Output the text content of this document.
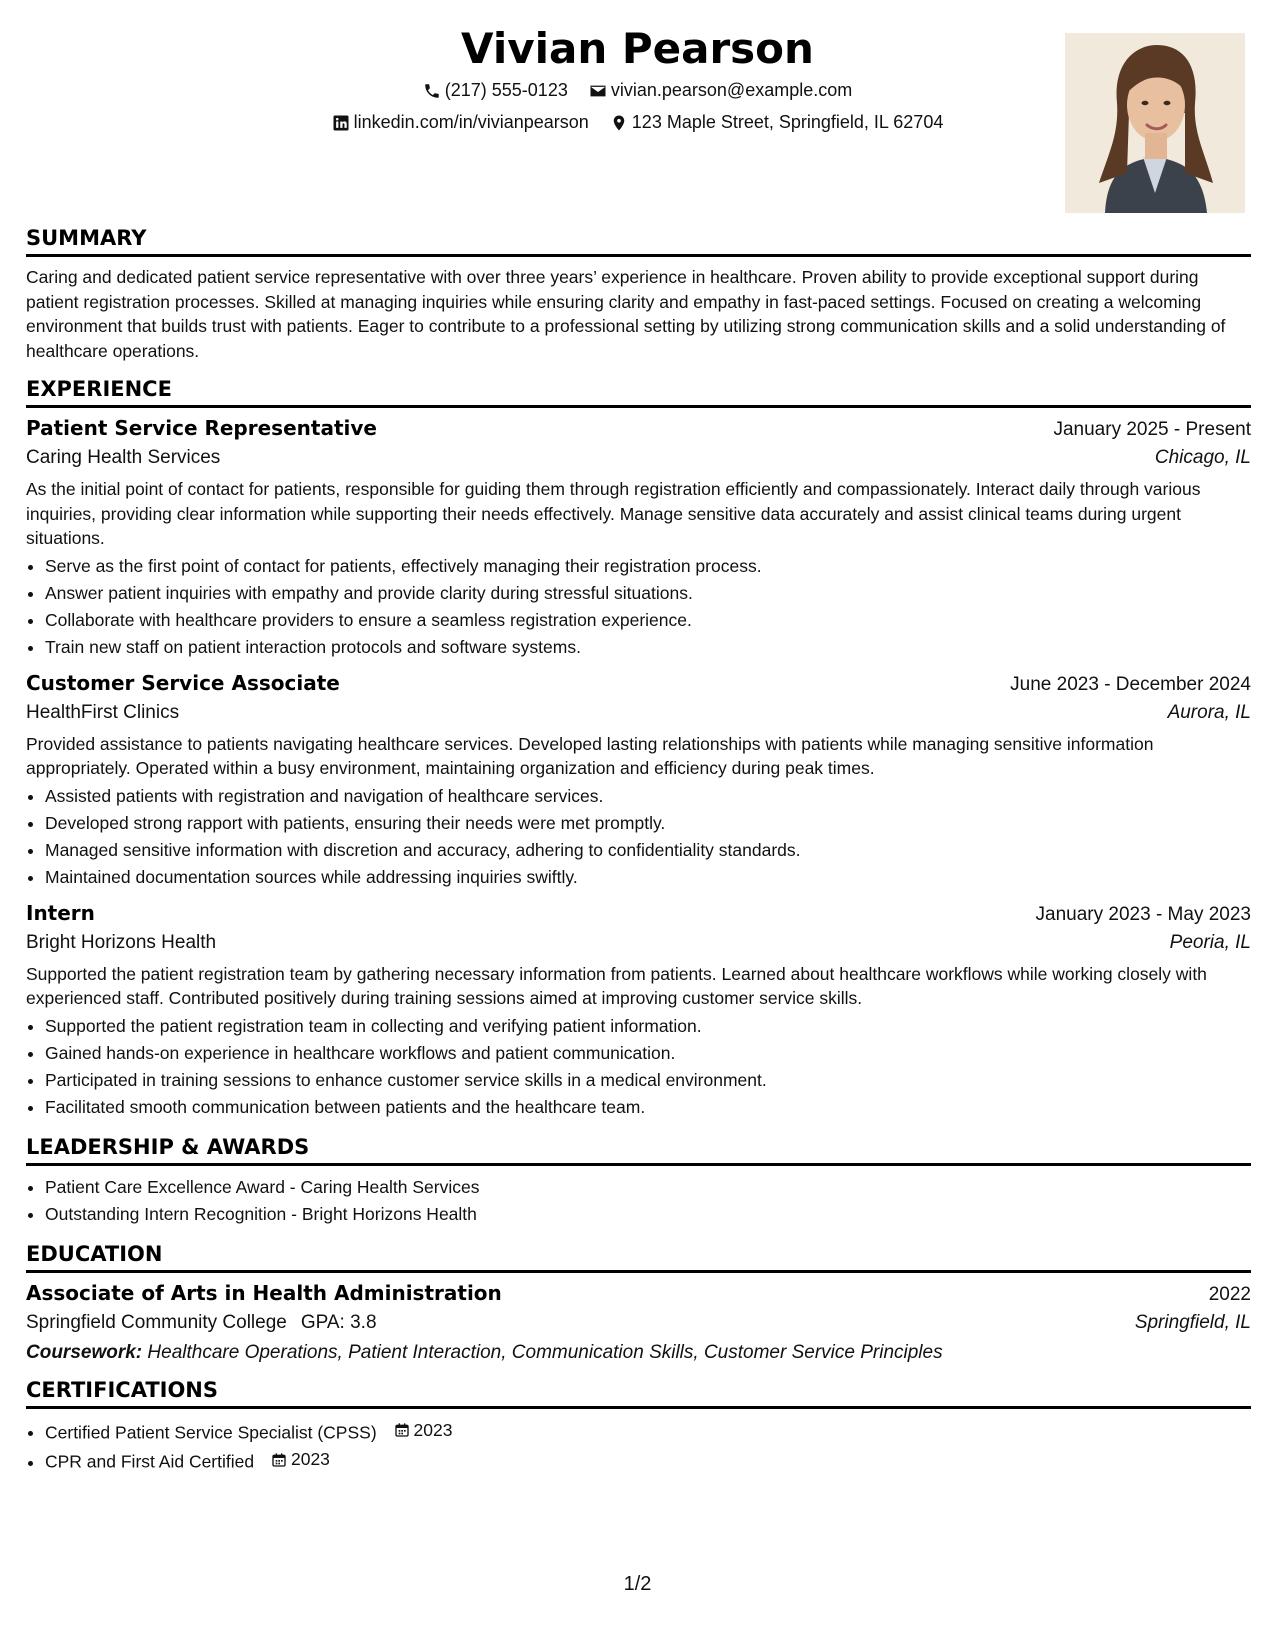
Vivian Pearson
(217) 555-0123
vivian.pearson@example.com
linkedin.com/in/vivianpearson
123 Maple Street, Springfield, IL 62704
SUMMARY
Caring and dedicated patient service representative with over three years’ experience in healthcare. Proven ability to provide exceptional support during patient registration processes. Skilled at managing inquiries while ensuring clarity and empathy in fast-paced settings. Focused on creating a welcoming environment that builds trust with patients. Eager to contribute to a professional setting by utilizing strong communication skills and a solid understanding of healthcare operations.
EXPERIENCE
Patient Service Representative	January 2025 - Present
Caring Health Services	Chicago, IL
As the initial point of contact for patients, responsible for guiding them through registration efficiently and compassionately. Interact daily through various inquiries, providing clear information while supporting their needs effectively. Manage sensitive data accurately and assist clinical teams during urgent situations.
• Serve as the first point of contact for patients, effectively managing their registration process.
• Answer patient inquiries with empathy and provide clarity during stressful situations.
• Collaborate with healthcare providers to ensure a seamless registration experience.
• Train new staff on patient interaction protocols and software systems.
Customer Service Associate	June 2023 - December 2024
HealthFirst Clinics	Aurora, IL
Provided assistance to patients navigating healthcare services. Developed lasting relationships with patients while managing sensitive information appropriately. Operated within a busy environment, maintaining organization and efficiency during peak times.
• Assisted patients with registration and navigation of healthcare services.
• Developed strong rapport with patients, ensuring their needs were met promptly.
• Managed sensitive information with discretion and accuracy, adhering to confidentiality standards.
• Maintained documentation sources while addressing inquiries swiftly.
Intern	January 2023 - May 2023
Bright Horizons Health	Peoria, IL
Supported the patient registration team by gathering necessary information from patients. Learned about healthcare workflows while working closely with experienced staff. Contributed positively during training sessions aimed at improving customer service skills.
• Supported the patient registration team in collecting and verifying patient information.
• Gained hands-on experience in healthcare workflows and patient communication.
• Participated in training sessions to enhance customer service skills in a medical environment.
• Facilitated smooth communication between patients and the healthcare team.
LEADERSHIP & AWARDS
• Patient Care Excellence Award - Caring Health Services
• Outstanding Intern Recognition - Bright Horizons Health
EDUCATION
Associate of Arts in Health Administration	2022
Springfield Community College GPA: 3.8	Springfield, IL
Coursework: Healthcare Operations, Patient Interaction, Communication Skills, Customer Service Principles
CERTIFICATIONS
• Certified Patient Service Specialist (CPSS) 2023
• CPR and First Aid Certified 2023
1/2
